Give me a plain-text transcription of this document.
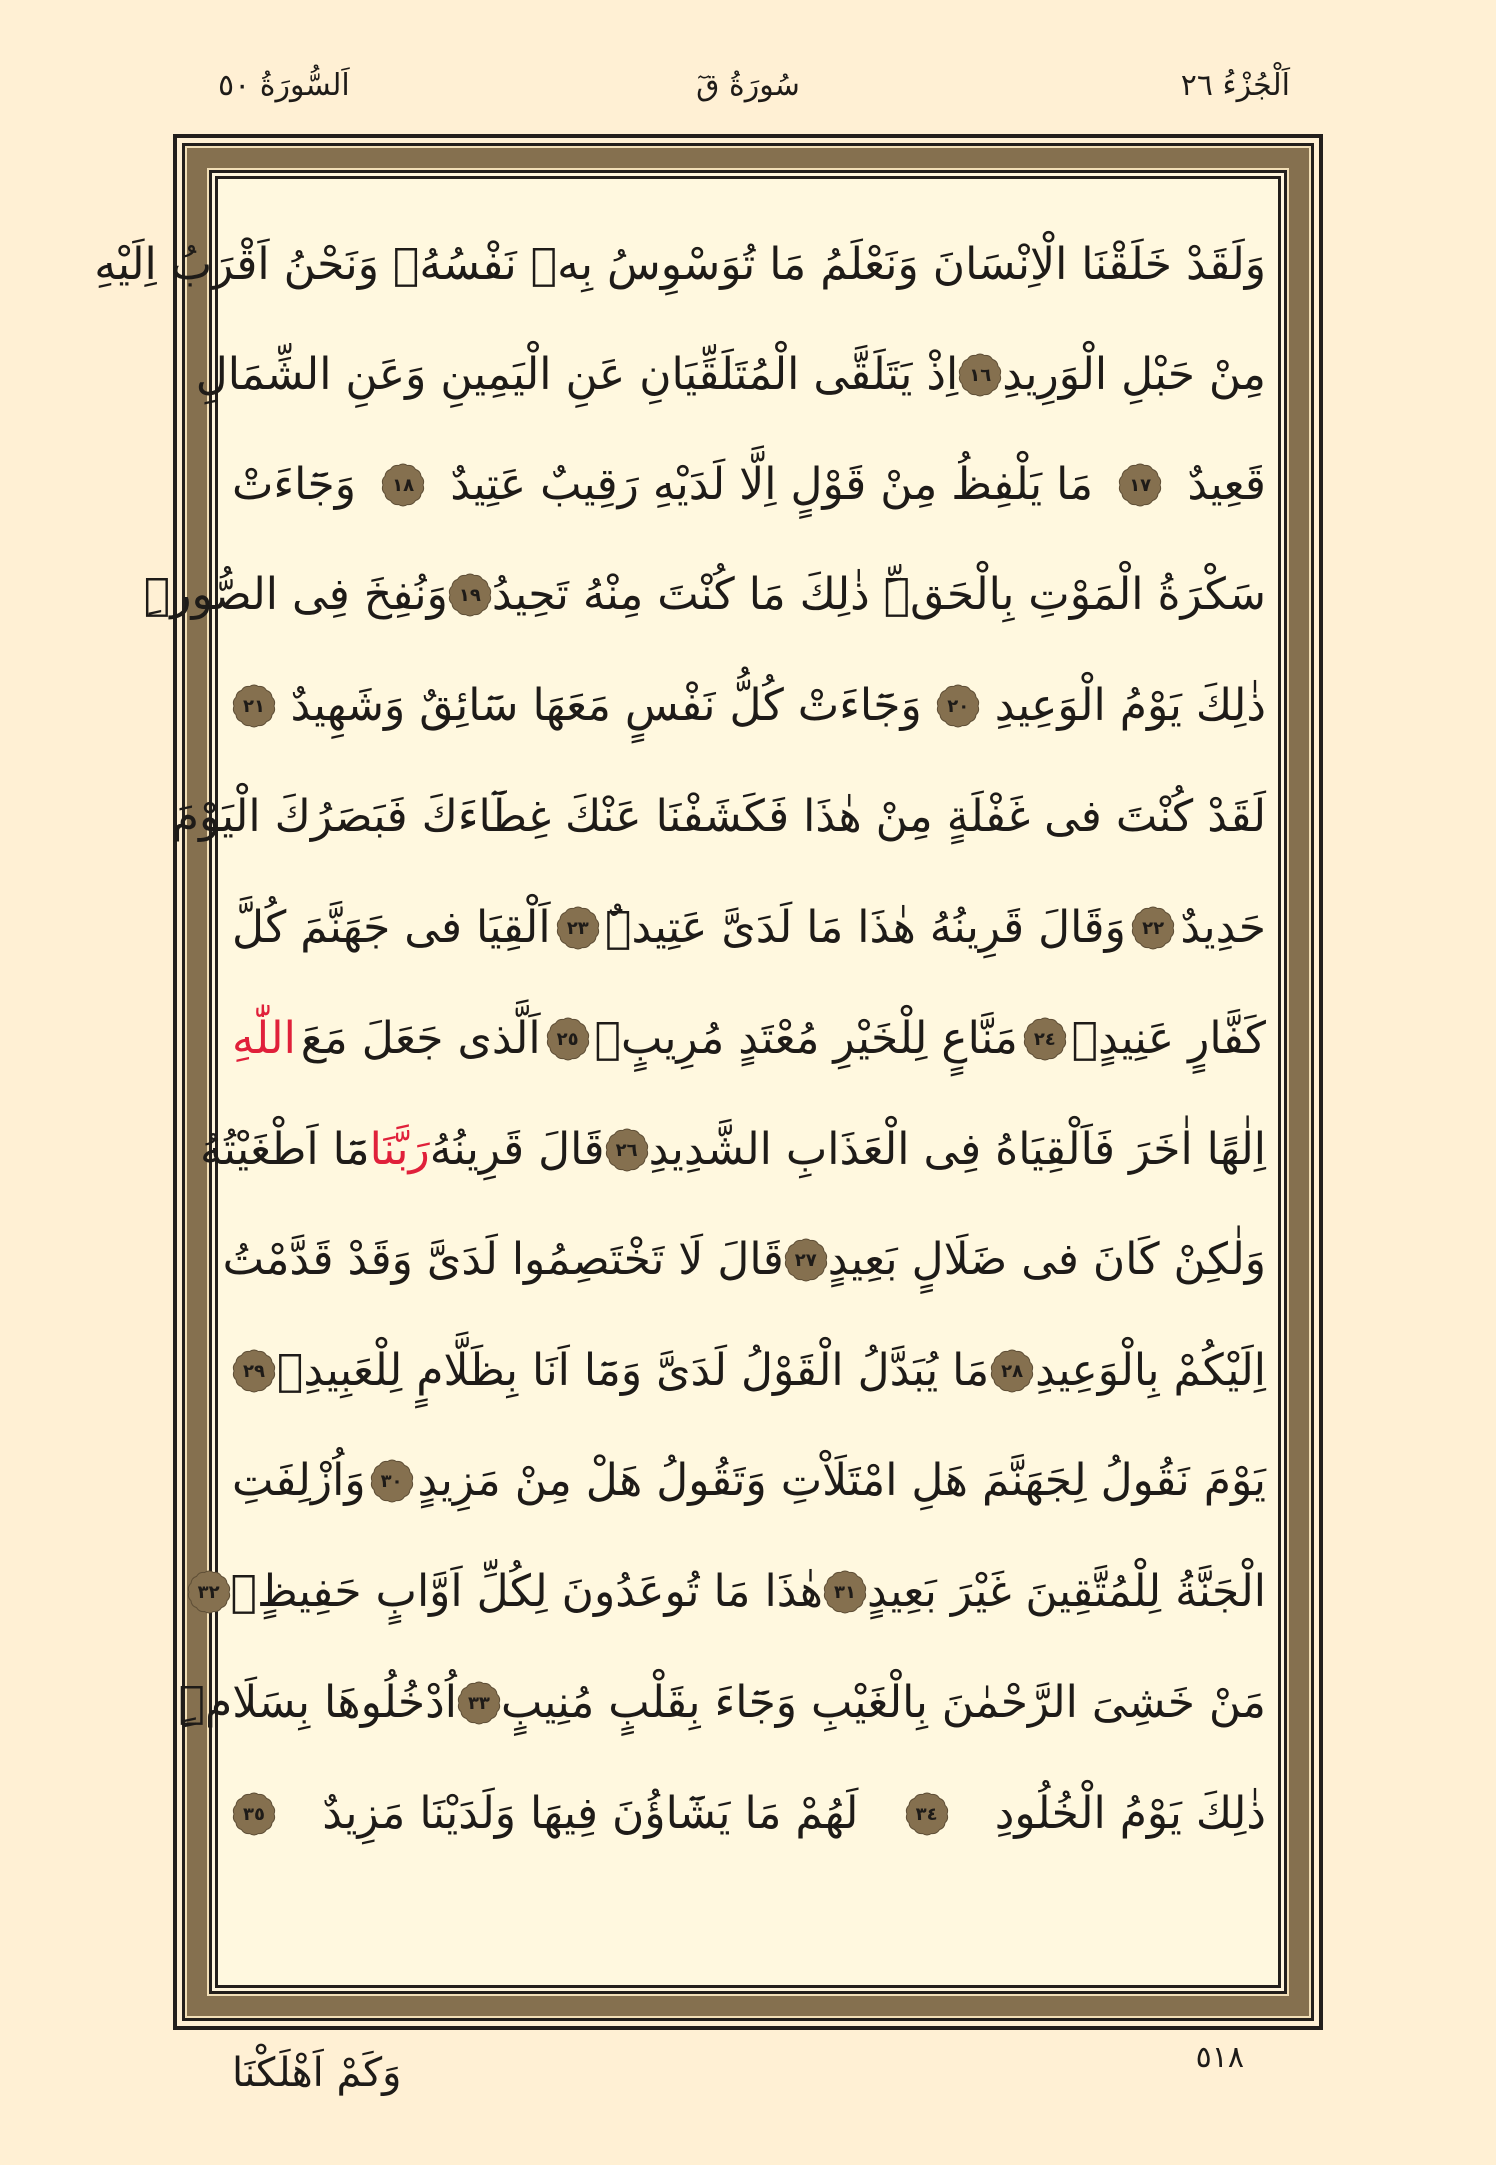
اَلْجُزْءُ ٢٦
سُورَةُ قٓ
اَلسُّورَةُ ٥٠
وَلَقَدْ خَلَقْنَا الْاِنْسَانَ وَنَعْلَمُ مَا تُوَسْوِسُ بِهٖ نَفْسُهُۚ وَنَحْنُ اَقْرَبُ اِلَيْهِ
مِنْ حَبْلِ الْوَرِيدِ
١٦
اِذْ يَتَلَقَّى الْمُتَلَقِّيَانِ عَنِ الْيَمِينِ وَعَنِ الشِّمَالِ
قَعِيدٌ
١٧
مَا يَلْفِظُ مِنْ قَوْلٍ اِلَّا لَدَيْهِ رَقِيبٌ عَتِيدٌ
١٨
وَجَٓاءَتْ
سَكْرَةُ الْمَوْتِ بِالْحَقِّۜ ذٰلِكَ مَا كُنْتَ مِنْهُ تَحِيدُ
١٩
وَنُفِخَ فِى الصُّورِۜ
ذٰلِكَ يَوْمُ الْوَعِيدِ
٢٠
وَجَٓاءَتْ كُلُّ نَفْسٍ مَعَهَا سَٓائِقٌ وَشَهِيدٌ
٢١
لَقَدْ كُنْتَ فى غَفْلَةٍ مِنْ هٰذَا فَكَشَفْنَا عَنْكَ غِطَٓاءَكَ فَبَصَرُكَ الْيَوْمَ
حَدِيدٌ
٢٢
وَقَالَ قَرِينُهُ هٰذَا مَا لَدَىَّ عَتِيدٌۜ
٢٣
اَلْقِيَا فى جَهَنَّمَ كُلَّ
كَفَّارٍ عَنِيدٍۙ
٢٤
مَنَّاعٍ لِلْخَيْرِ مُعْتَدٍ مُرِيبٍۙ
٢٥
اَلَّذى جَعَلَ مَعَ
اللّٰهِ
اِلٰهًا اٰخَرَ فَاَلْقِيَاهُ فِى الْعَذَابِ الشَّدِيدِ
٢٦
قَالَ قَرِينُهُ
رَبَّنَا
مَٓا اَطْغَيْتُهُ
وَلٰكِنْ كَانَ فى ضَلَالٍ بَعِيدٍ
٢٧
قَالَ لَا تَخْتَصِمُوا لَدَىَّ وَقَدْ قَدَّمْتُ
اِلَيْكُمْ بِالْوَعِيدِ
٢٨
مَا يُبَدَّلُ الْقَوْلُ لَدَىَّ وَمَٓا اَنَا بِظَلَّامٍ لِلْعَبِيدِۖ
٢٩
يَوْمَ نَقُولُ لِجَهَنَّمَ هَلِ امْتَلَاْتِ وَتَقُولُ هَلْ مِنْ مَزِيدٍ
٣٠
وَاُزْلِفَتِ
الْجَنَّةُ لِلْمُتَّقِينَ غَيْرَ بَعِيدٍ
٣١
هٰذَا مَا تُوعَدُونَ لِكُلِّ اَوَّابٍ حَفِيظٍۚ
٣٢
مَنْ خَشِىَ الرَّحْمٰنَ بِالْغَيْبِ وَجَٓاءَ بِقَلْبٍ مُنِيبٍ
٣٣
اُدْخُلُوهَا بِسَلَامٍۜ
ذٰلِكَ يَوْمُ الْخُلُودِ
٣٤
لَهُمْ مَا يَشَٓاؤُنَ فِيهَا وَلَدَيْنَا مَزِيدٌ
٣٥
٥١٨
وَكَمْ اَهْلَكْنَا
